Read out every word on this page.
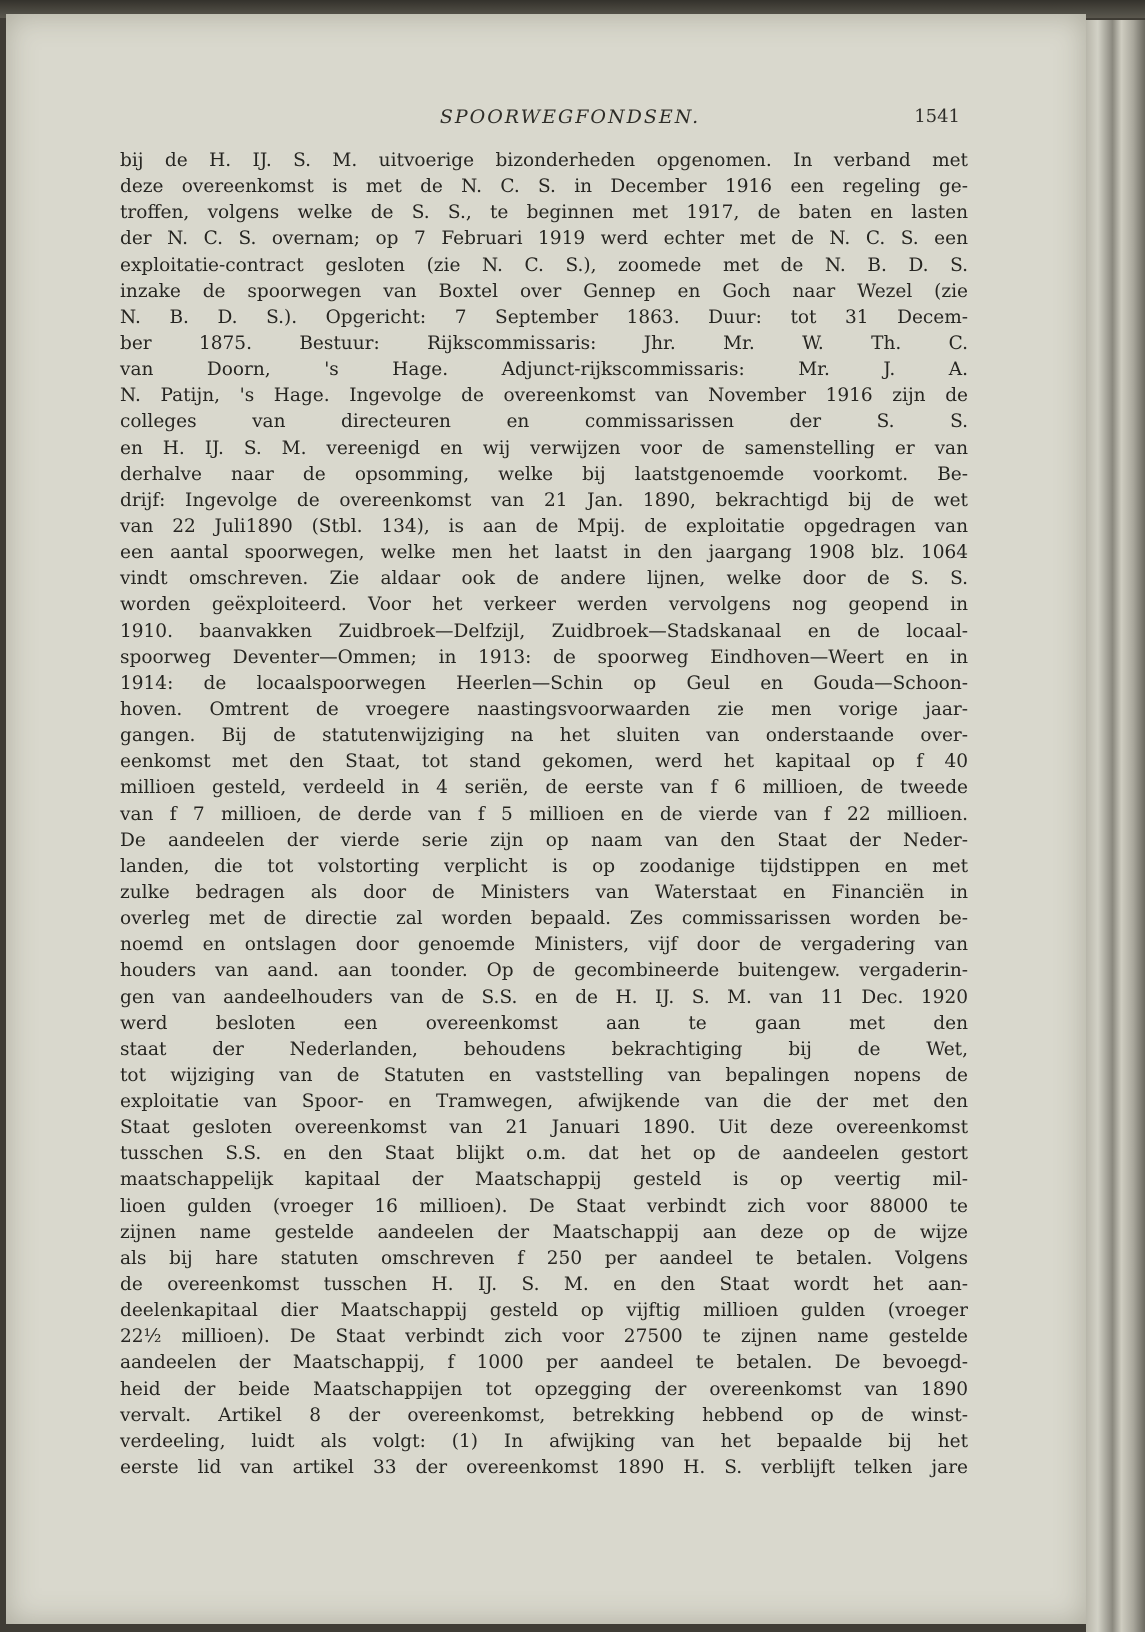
SPOORWEGFONDSEN.	1541
bij de H. IJ. S. M. uitvoerige bizonderheden opgenomen. In verband met
deze overeenkomst is met de N. C. S. in December 1916 een regeling ge-
troffen, volgens welke de S. S., te beginnen met 1917, de baten en lasten
der N. C. S. overnam; op 7 Februari 1919 werd echter met de N. C. S. een
exploitatie-contract gesloten (zie N. C. S.), zoomede met de N. B. D. S.
inzake de spoorwegen van Boxtel over Gennep en Goch naar Wezel (zie
N. B. D. S.). Opgericht: 7 September 1863. Duur: tot 31 Decem-
ber 1875. Bestuur: Rijkscommissaris: Jhr. Mr. W. Th. C.
van Doorn, 's Hage. Adjunct-rijkscommissaris: Mr. J. A.
N. Patijn, 's Hage. Ingevolge de overeenkomst van November 1916 zijn de
colleges van directeuren en commissarissen der S. S.
en H. IJ. S. M. vereenigd en wij verwijzen voor de samenstelling er van
derhalve naar de opsomming, welke bij laatstgenoemde voorkomt. Be-
drijf: Ingevolge de overeenkomst van 21 Jan. 1890, bekrachtigd bij de wet
van 22 Juli1890 (Stbl. 134), is aan de Mpij. de exploitatie opgedragen van
een aantal spoorwegen, welke men het laatst in den jaargang 1908 blz. 1064
vindt omschreven. Zie aldaar ook de andere lijnen, welke door de S. S.
worden geëxploiteerd. Voor het verkeer werden vervolgens nog geopend in
1910. baanvakken Zuidbroek—Delfzijl, Zuidbroek—Stadskanaal en de locaal-
spoorweg Deventer—Ommen; in 1913: de spoorweg Eindhoven—Weert en in
1914: de locaalspoorwegen Heerlen—Schin op Geul en Gouda—Schoon-
hoven. Omtrent de vroegere naastingsvoorwaarden zie men vorige jaar-
gangen. Bij de statutenwijziging na het sluiten van onderstaande over-
eenkomst met den Staat, tot stand gekomen, werd het kapitaal op f 40
millioen gesteld, verdeeld in 4 seriën, de eerste van f 6 millioen, de tweede
van f 7 millioen, de derde van f 5 millioen en de vierde van f 22 millioen.
De aandeelen der vierde serie zijn op naam van den Staat der Neder-
landen, die tot volstorting verplicht is op zoodanige tijdstippen en met
zulke bedragen als door de Ministers van Waterstaat en Financiën in
overleg met de directie zal worden bepaald. Zes commissarissen worden be-
noemd en ontslagen door genoemde Ministers, vijf door de vergadering van
houders van aand. aan toonder. Op de gecombineerde buitengew. vergaderin-
gen van aandeelhouders van de S.S. en de H. IJ. S. M. van 11 Dec. 1920
werd besloten een overeenkomst aan te gaan met den
staat der Nederlanden, behoudens bekrachtiging bij de Wet,
tot wijziging van de Statuten en vaststelling van bepalingen nopens de
exploitatie van Spoor- en Tramwegen, afwijkende van die der met den
Staat gesloten overeenkomst van 21 Januari 1890. Uit deze overeenkomst
tusschen S.S. en den Staat blijkt o.m. dat het op de aandeelen gestort
maatschappelijk kapitaal der Maatschappij gesteld is op veertig mil-
lioen gulden (vroeger 16 millioen). De Staat verbindt zich voor 88000 te
zijnen name gestelde aandeelen der Maatschappij aan deze op de wijze
als bij hare statuten omschreven f 250 per aandeel te betalen. Volgens
de overeenkomst tusschen H. IJ. S. M. en den Staat wordt het aan-
deelenkapitaal dier Maatschappij gesteld op vijftig millioen gulden (vroeger
22½ millioen). De Staat verbindt zich voor 27500 te zijnen name gestelde
aandeelen der Maatschappij, f 1000 per aandeel te betalen. De bevoegd-
heid der beide Maatschappijen tot opzegging der overeenkomst van 1890
vervalt. Artikel 8 der overeenkomst, betrekking hebbend op de winst-
verdeeling, luidt als volgt: (1) In afwijking van het bepaalde bij het
eerste lid van artikel 33 der overeenkomst 1890 H. S. verblijft telken jare
